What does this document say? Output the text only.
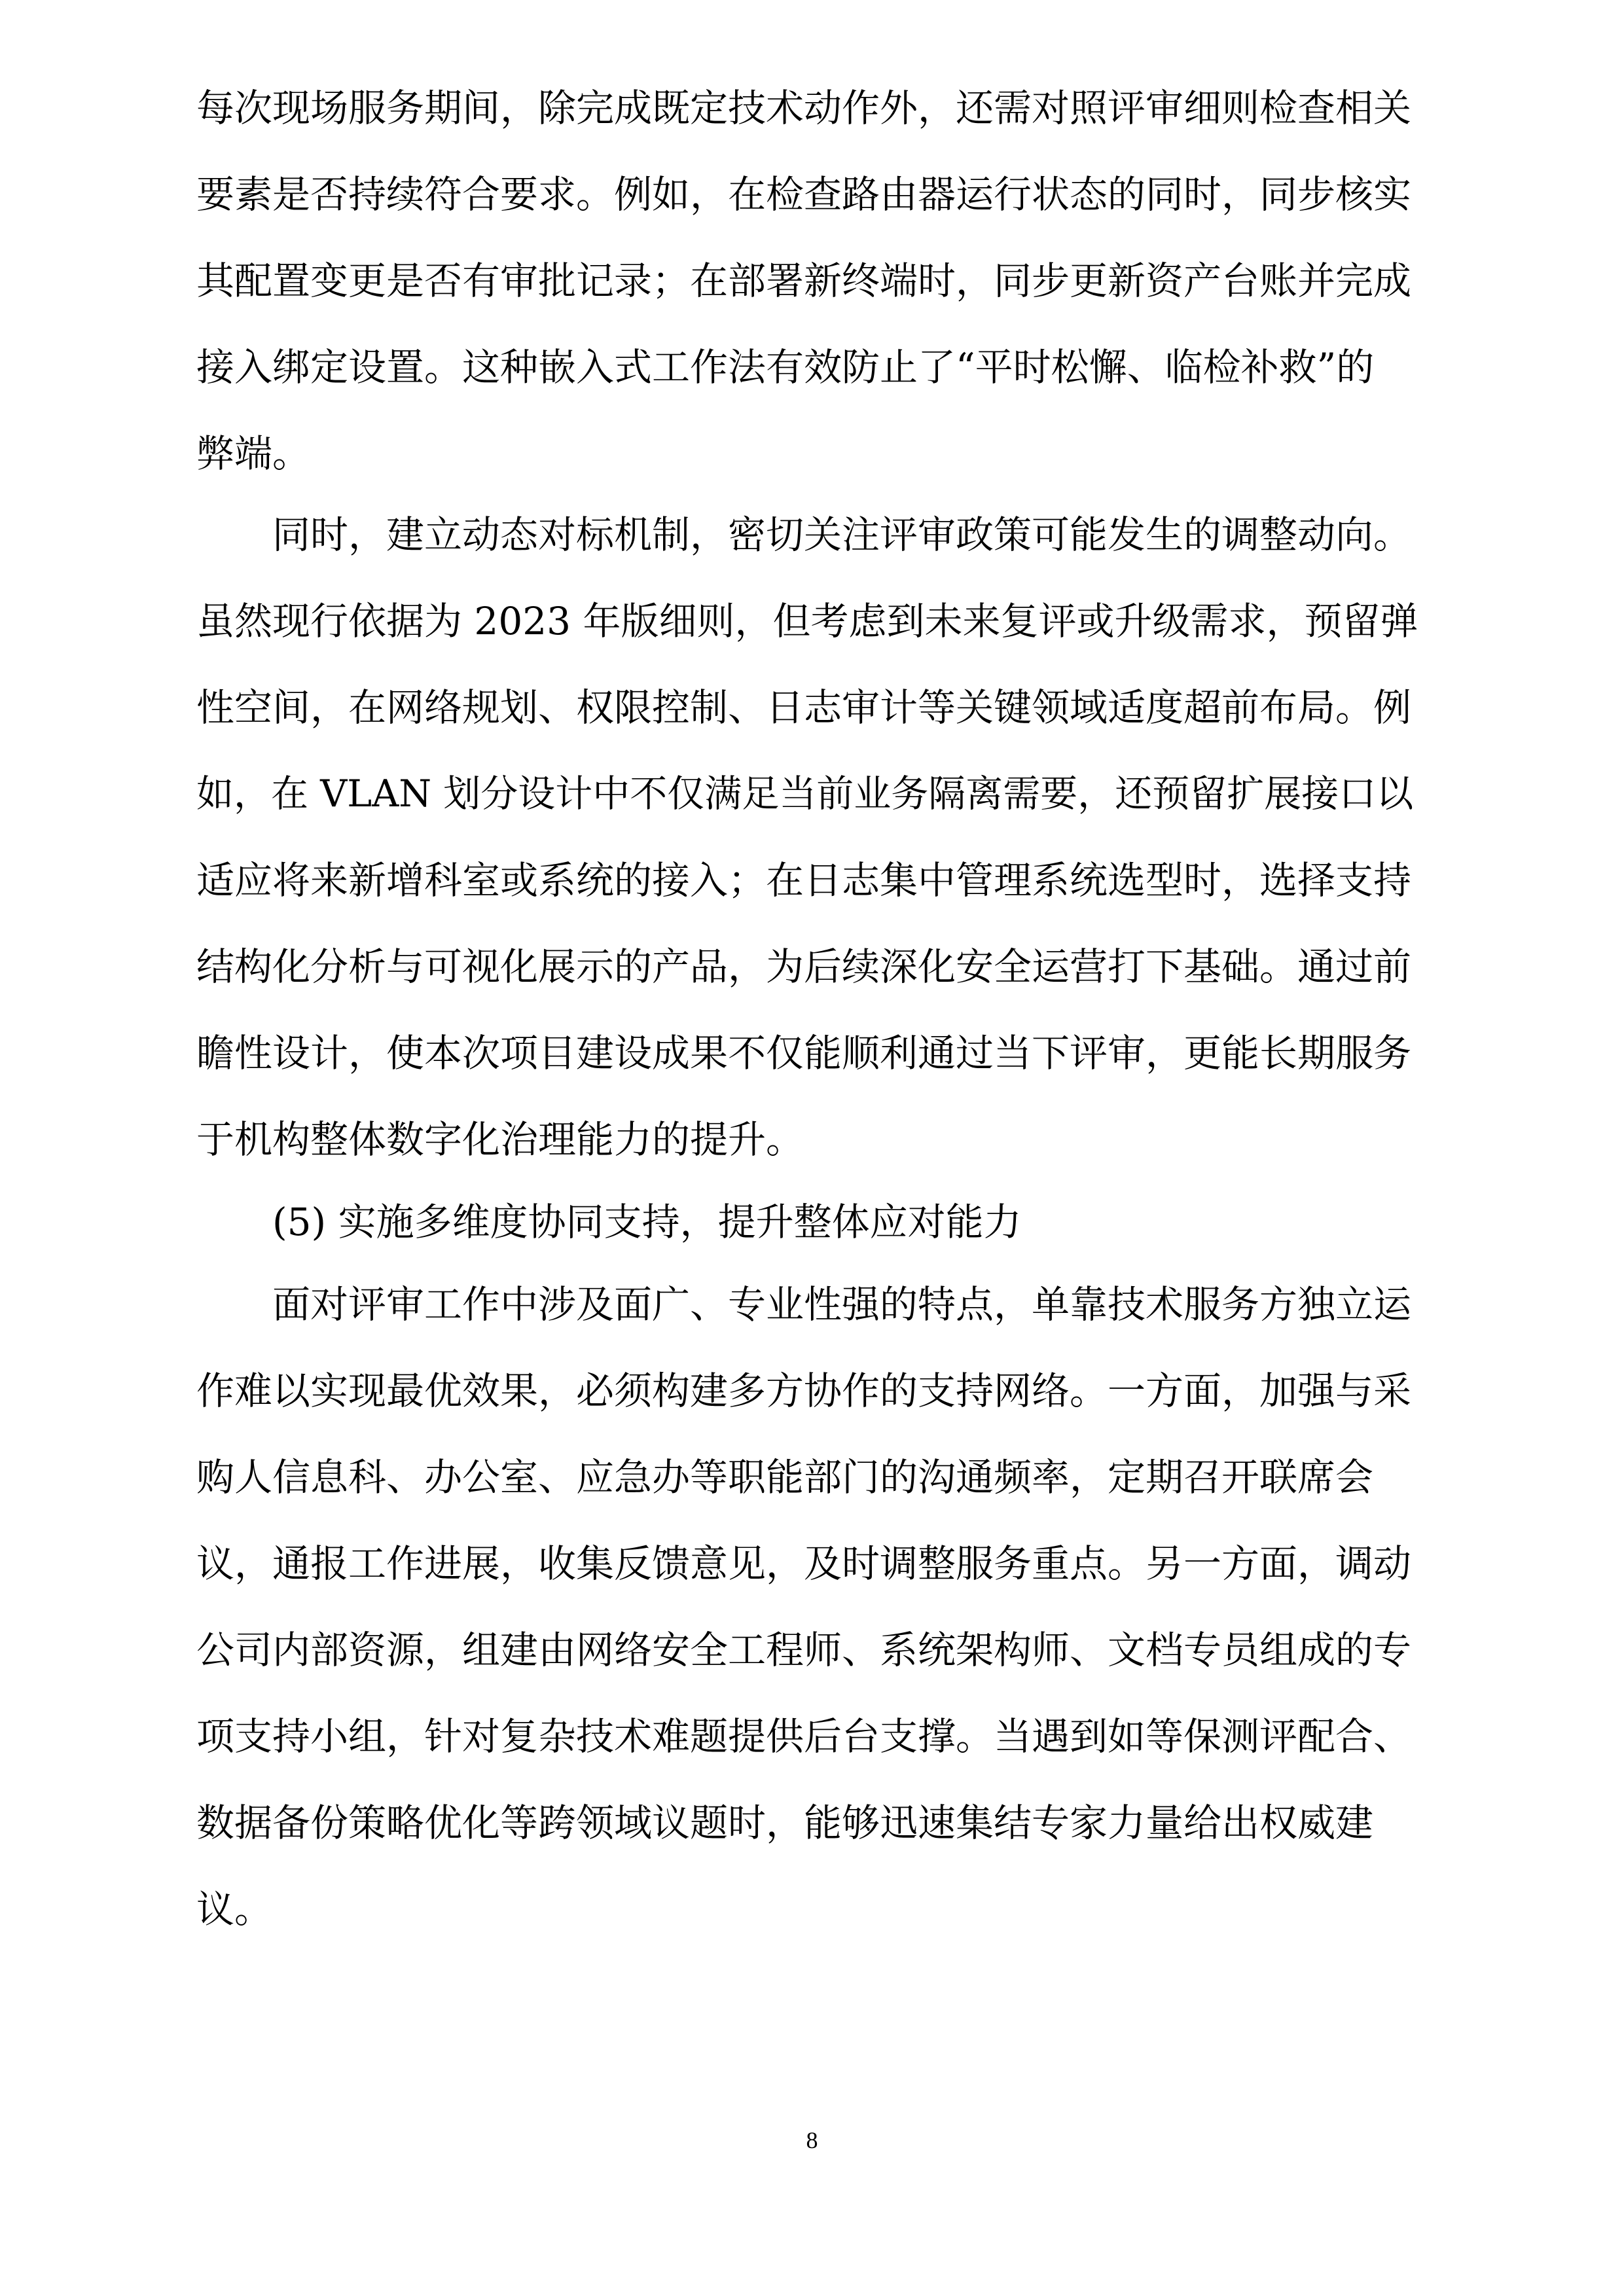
每次现场服务期间，除完成既定技术动作外，还需对照评审细则检查相关

要素是否持续符合要求。例如，在检查路由器运行状态的同时，同步核实

其配置变更是否有审批记录；在部署新终端时，同步更新资产台账并完成

接入绑定设置。这种嵌入式工作法有效防止了“平时松懈、临检补救”的

弊端。

同时，建立动态对标机制，密切关注评审政策可能发生的调整动向。

虽然现行依据为 2023 年版细则，但考虑到未来复评或升级需求，预留弹

性空间，在网络规划、权限控制、日志审计等关键领域适度超前布局。例

如，在 VLAN 划分设计中不仅满足当前业务隔离需要，还预留扩展接口以

适应将来新增科室或系统的接入；在日志集中管理系统选型时，选择支持

结构化分析与可视化展示的产品，为后续深化安全运营打下基础。通过前

瞻性设计，使本次项目建设成果不仅能顺利通过当下评审，更能长期服务

于机构整体数字化治理能力的提升。

(5) 实施多维度协同支持，提升整体应对能力

面对评审工作中涉及面广、专业性强的特点，单靠技术服务方独立运

作难以实现最优效果，必须构建多方协作的支持网络。一方面，加强与采

购人信息科、办公室、应急办等职能部门的沟通频率，定期召开联席会

议，通报工作进展，收集反馈意见，及时调整服务重点。另一方面，调动

公司内部资源，组建由网络安全工程师、系统架构师、文档专员组成的专

项支持小组，针对复杂技术难题提供后台支撑。当遇到如等保测评配合、

数据备份策略优化等跨领域议题时，能够迅速集结专家力量给出权威建

议。

8
